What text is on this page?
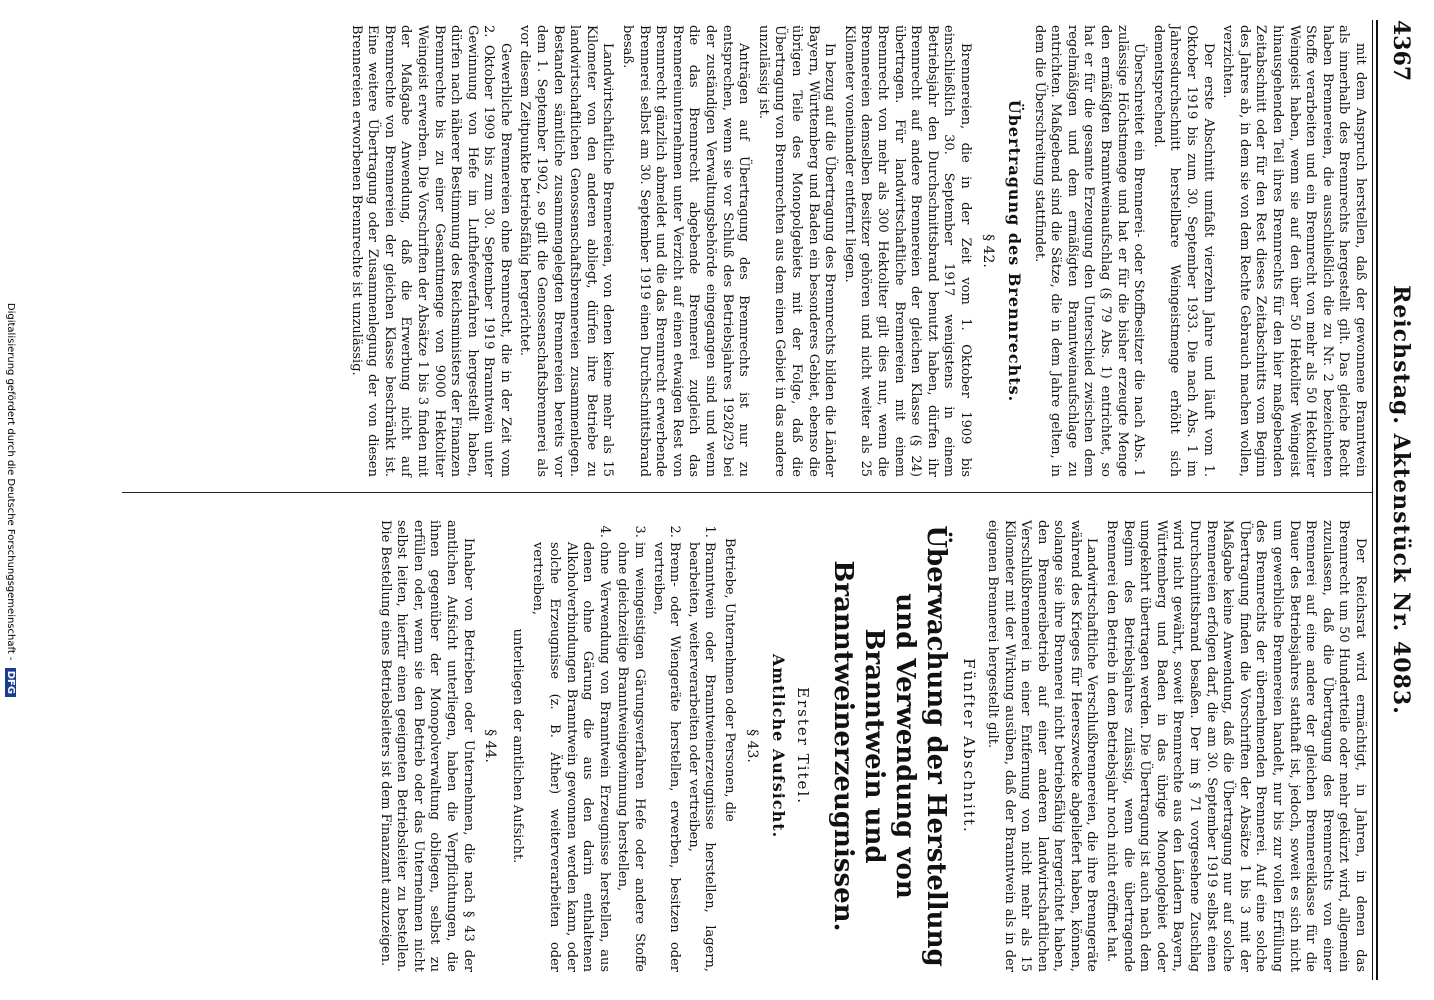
4367
Reichstag. Aktenstück Nr. 4083.

mit dem Anspruch herstellen, daß der gewonnene Branntwein als innerhalb des Brennrechts hergestellt gilt. Das gleiche Recht haben Brennereien, die ausschließlich die zu Nr. 2 bezeichneten Stoffe verarbeiten und ein Brennrecht von mehr als 50 Hektoliter Weingeist haben, wenn sie auf den über 50 Hektoliter Weingeist hinausgehenden Teil ihres Brennrechts für den hier maßgebenden Zeitabschnitt oder für den Rest dieses Zeitabschnitts vom Beginn des Jahres ab, in dem sie von dem Rechte Gebrauch machen wollen, verzichten.

Der erste Abschnitt umfaßt vierzehn Jahre und läuft vom 1. Oktober 1919 bis zum 30. September 1933. Die nach Abs. 1 im Jahresdurchschnitt herstellbare Weingeistmenge erhöht sich dementsprechend.

Überschreitet ein Brennerei- oder Stoffbesitzer die nach Abs. 1 zulässige Höchstmenge und hat er für die bisher erzeugte Menge den ermäßigten Branntweinaufschlag (§ 79 Abs. 1) entrichtet, so hat er für die gesamte Erzeugung den Unterschied zwischen dem regelmäßigen und dem ermäßigten Branntweinaufschlage zu entrichten. Maßgebend sind die Sätze, die in dem Jahre gelten, in dem die Überschreitung stattfindet.

Übertragung des Brennrechts.
§ 42.

Brennereien, die in der Zeit vom 1. Oktober 1909 bis einschließlich 30. September 1917 wenigstens in einem Betriebsjahr den Durchschnittsbrand benutzt haben, dürfen ihr Brennrecht auf andere Brennereien der gleichen Klasse (§ 24) übertragen. Für landwirtschaftliche Brennereien mit einem Brennrecht von mehr als 300 Hektoliter gilt dies nur, wenn die Brennereien demselben Besitzer gehören und nicht weiter als 25 Kilometer voneinander entfernt liegen.

In bezug auf die Übertragung des Brennrechts bilden die Länder Bayern, Württemberg und Baden ein besonderes Gebiet, ebenso die übrigen Teile des Monopolgebiets mit der Folge, daß die Übertragung von Brennrechten aus dem einen Gebiet in das andere unzulässig ist.

Anträgen auf Übertragung des Brennrechts ist nur zu entsprechen, wenn sie vor Schluß des Betriebsjahres 1928/29 bei der zuständigen Verwaltungsbehörde eingegangen sind und wenn die das Brennrecht abgebende Brennerei zugleich das Brennereiunternehmen unter Verzicht auf einen etwaigen Rest von Brennrecht gänzlich abmeldet und die das Brennrecht erwerbende Brennerei selbst am 30. September 1919 einen Durchschnittsbrand besaß.

Landwirtschaftliche Brennereien, von denen keine mehr als 15 Kilometer von den anderen abliegt, dürfen ihre Betriebe zu landwirtschaftlichen Genossenschaftsbrennereien zusammenlegen. Bestanden sämtliche zusammengelegten Brennereien bereits vor dem 1. September 1902, so gilt die Genossenschaftsbrennerei als vor diesem Zeitpunkte betriebsfähig hergerichtet.

Gewerbliche Brennereien ohne Brennrecht, die in der Zeit vom 2. Oktober 1909 bis zum 30. September 1919 Branntwein unter Gewinnung von Hefe im Lufthefeverfahren hergestellt haben, dürfen nach näherer Bestimmung des Reichsministers der Finanzen Brennrechte bis zu einer Gesamtmenge von 9000 Hektoliter Weingeist erwerben. Die Vorschriften der Absätze 1 bis 3 finden mit der Maßgabe Anwendung, daß die Erwerbung nicht auf Brennrechte von Brennereien der gleichen Klasse beschränkt ist. Eine weitere Übertragung oder Zusammenlegung der von diesen Brennereien erworbenen Brennrechte ist unzulässig.

Der Reichsrat wird ermächtigt, in Jahren, in denen das Brennrecht um 50 Hundertteile oder mehr gekürzt wird, allgemein zuzulassen, daß die Übertragung des Brennrechts von einer Brennerei auf eine andere der gleichen Brennereiklasse für die Dauer des Betriebsjahres statthaft ist, jedoch, soweit es sich nicht um gewerbliche Brennereien handelt, nur bis zur vollen Erfüllung des Brennrechts der übernehmenden Brennerei. Auf eine solche Übertragung finden die Vorschriften der Absätze 1 bis 3 mit der Maßgabe keine Anwendung, daß die Übertragung nur auf solche Brennereien erfolgen darf, die am 30. September 1919 selbst einen Durchschnittsbrand besaßen. Der im § 71 vorgesehene Zuschlag wird nicht gewährt, soweit Brennrechte aus den Ländern Bayern, Württemberg und Baden in das übrige Monopolgebiet oder umgekehrt übertragen werden. Die Übertragung ist auch nach dem Beginn des Betriebsjahres zulässig, wenn die übertragende Brennerei den Betrieb in dem Betriebsjahr noch nicht eröffnet hat.

Landwirtschaftliche Verschlußbrennereien, die ihre Brenngeräte während des Krieges für Heereszwecke abgeliefert haben, können, solange sie ihre Brennerei nicht betriebsfähig hergerichtet haben, den Brennereibetrieb auf einer anderen landwirtschaftlichen Verschlußbrennerei in einer Entfernung von nicht mehr als 15 Kilometer mit der Wirkung ausüben, daß der Branntwein als in der eigenen Brennerei hergestellt gilt.

Fünfter Abschnitt.
Überwachung der Herstellung und Verwendung von Branntwein und Branntweinerzeugnissen.
Erster Titel.
Amtliche Aufsicht.
§ 43.

Betriebe, Unternehmen oder Personen, die

1. Branntwein oder Branntweinerzeugnisse herstellen, lagern, bearbeiten, weiterverarbeiten oder vertreiben,
2. Brenn- oder Wiengeräte herstellen, erwerben, besitzen oder vertreiben,
3. im weingeistigen Gärungsverfahren Hefe oder andere Stoffe ohne gleichzeitige Branntweingewinnung herstellen,
4. ohne Verwendung von Branntwein Erzeugnisse herstellen, aus denen ohne Gärung die aus den darin enthaltenen Alkoholverbindungen Branntwein gewonnen werden kann, oder solche Erzeugnisse (z. B. Äther) weiterverarbeiten oder vertreiben,

unterliegen der amtlichen Aufsicht.

§ 44.

Inhaber von Betrieben oder Unternehmen, die nach § 43 der amtlichen Aufsicht unterliegen, haben die Verpflichtungen, die ihnen gegenüber der Monopolverwaltung obliegen, selbst zu erfüllen oder, wenn sie den Betrieb oder das Unternehmen nicht selbst leiten, hierfür einen geeigneten Betriebsleiter zu bestellen. Die Bestellung eines Betriebsleiters ist dem Finanzamt anzuzeigen.

Digitalisierung gefördert durch die Deutsche Forschungsgemeinschaft - DFG
